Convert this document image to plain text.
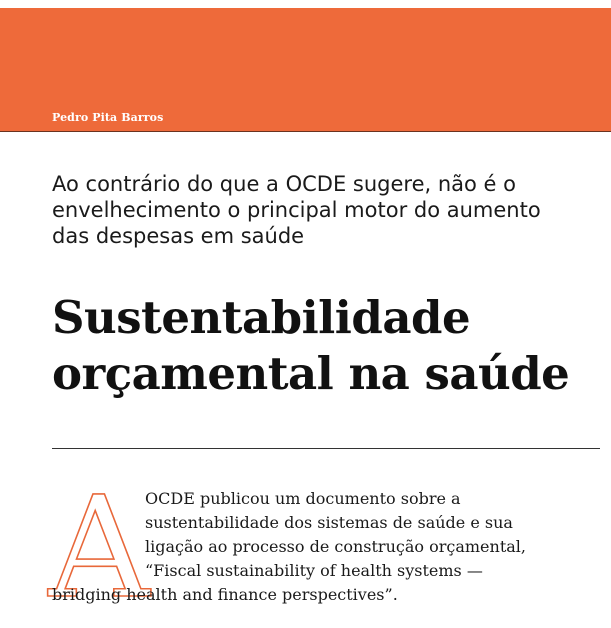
Pedro Pita Barros
Ao contrário do que a OCDE sugere, não é o
envelhecimento o principal motor do aumento
das despesas em saúde
Sustentabilidade
orçamental na saúde
A
OCDE publicou um documento sobre a
sustentabilidade dos sistemas de saúde e sua
ligação ao processo de construção orçamental,
“Fiscal sustainability of health systems —
bridging health and finance perspectives”.
